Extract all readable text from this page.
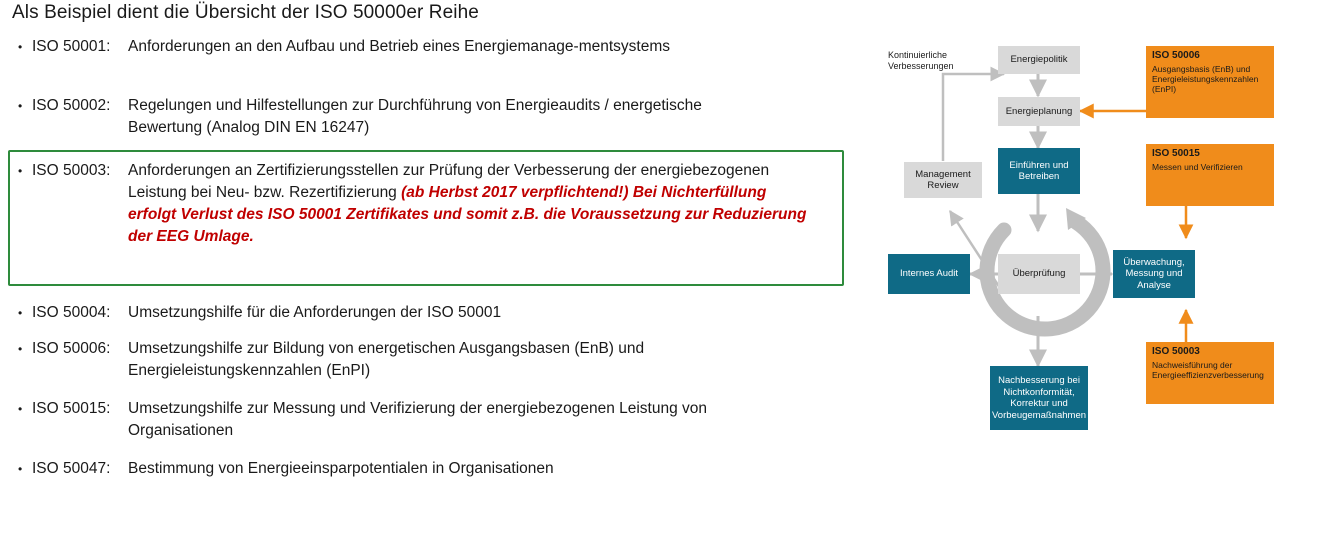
Als Beispiel dient die Übersicht der ISO 50000er Reihe
• ISO 50001:	Anforderungen an den Aufbau und Betrieb eines Energiemanage-mentsystems
• ISO 50002:	Regelungen und Hilfestellungen zur Durchführung von Energieaudits / energetische Bewertung (Analog DIN EN 16247)
• ISO 50003:	Anforderungen an Zertifizierungsstellen zur Prüfung der Verbesserung der energiebezogenen Leistung bei Neu- bzw. Rezertifizierung (ab Herbst 2017 verpflichtend!) Bei Nichterfüllung erfolgt Verlust des ISO 50001 Zertifikates und somit z.B. die Voraussetzung zur Reduzierung der EEG Umlage.
• ISO 50004:	Umsetzungshilfe für die Anforderungen der ISO 50001
• ISO 50006:	Umsetzungshilfe zur Bildung von energetischen Ausgangsbasen (EnB) und Energieleistungskennzahlen (EnPI)
• ISO 50015:	Umsetzungshilfe zur Messung und Verifizierung der energiebezogenen Leistung von Organisationen
• ISO 50047:	Bestimmung von Energieeinsparpotentialen in Organisationen
Kontinuierliche Verbesserungen
Energiepolitik
Energieplanung
Management Review
Überprüfung
Einführen und Betreiben
Internes Audit
Überwachung, Messung und Analyse
Nachbesserung bei Nichtkonformität, Korrektur und Vorbeugemaßnahmen
ISO 50006
Ausgangsbasis (EnB) und Energieleistungskennzahlen (EnPI)
ISO 50015
Messen und Verifizieren
ISO 50003
Nachweisführung der Energieeffizienzverbesserung
